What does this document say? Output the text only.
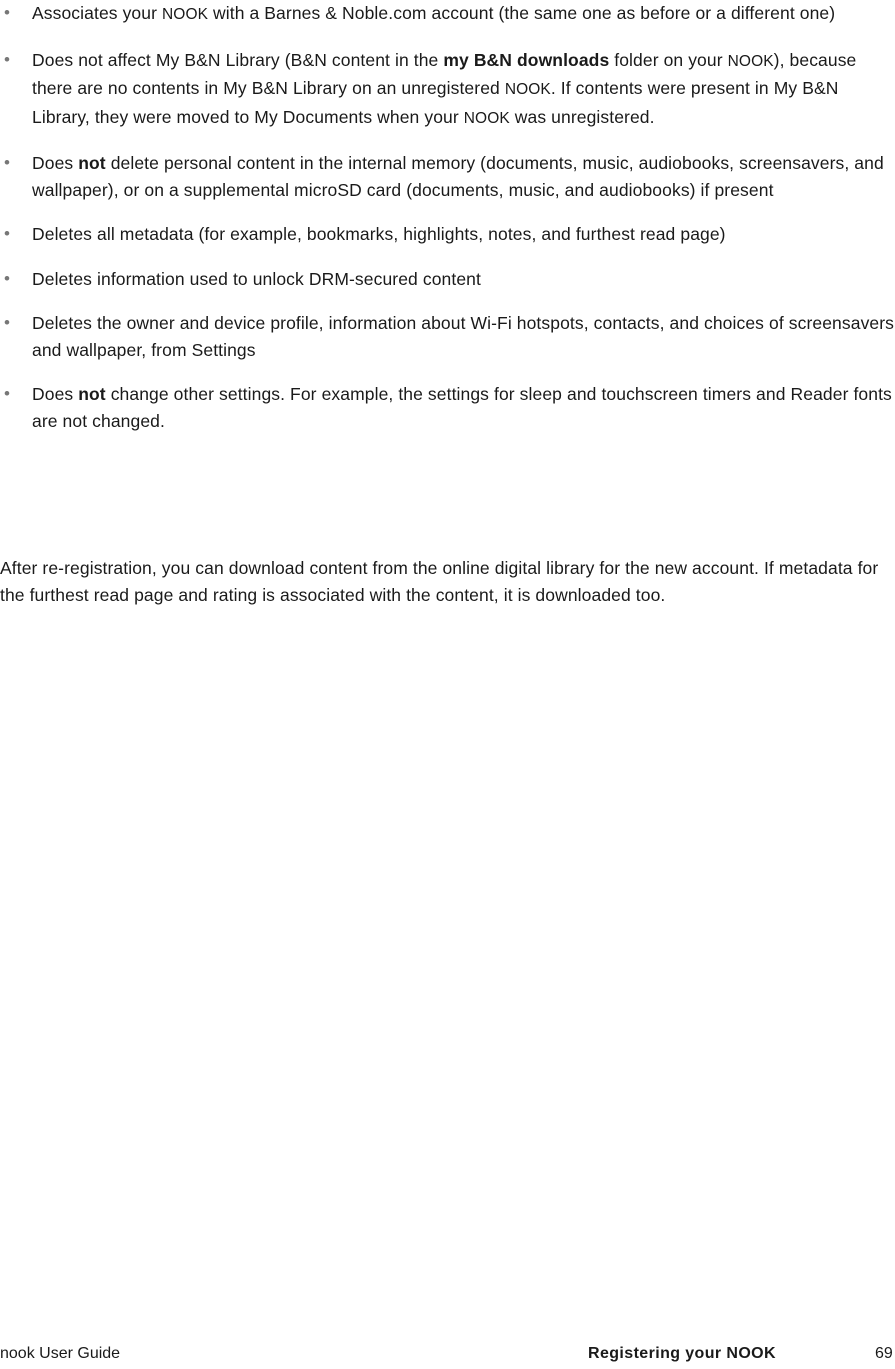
• Associates your NOOK with a Barnes & Noble.com account (the same one as before or a different one)
• Does not affect My B&N Library (B&N content in the my B&N downloads folder on your NOOK), because there are no contents in My B&N Library on an unregistered NOOK. If contents were present in My B&N Library, they were moved to My Documents when your NOOK was unregistered.
• Does not delete personal content in the internal memory (documents, music, audiobooks, screensavers, and wallpaper), or on a supplemental microSD card (documents, music, and audiobooks) if present
• Deletes all metadata (for example, bookmarks, highlights, notes, and furthest read page)
• Deletes information used to unlock DRM-secured content
• Deletes the owner and device profile, information about Wi-Fi hotspots, contacts, and choices of screensavers and wallpaper, from Settings
• Does not change other settings. For example, the settings for sleep and touchscreen timers and Reader fonts are not changed.

After re-registration, you can download content from the online digital library for the new account. If metadata for the furthest read page and rating is associated with the content, it is downloaded too.

nook User Guide	Registering your NOOK	69
